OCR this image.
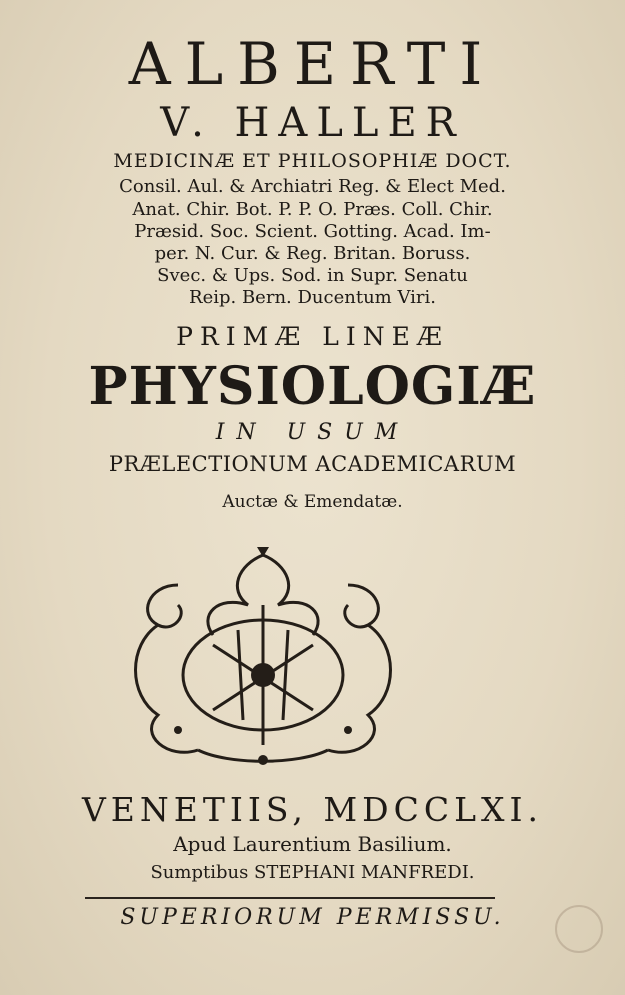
ALBERTI
V. HALLER
MEDICINÆ ET PHILOSOPHIÆ DOCT.
Consil. Aul. & Archiatri Reg. & Elect Med.
Anat. Chir. Bot. P. P. O. Præs. Coll. Chir.
Præsid. Soc. Scient. Gotting. Acad. Im-
per. N. Cur. & Reg. Britan. Boruss.
Svec. & Ups. Sod. in Supr. Senatu
Reip. Bern. Ducentum Viri.
PRIMÆ LINEÆ
PHYSIOLOGIÆ
IN USUM
PRÆLECTIONUM ACADEMICARUM
Auctæ & Emendatæ.
VENETIIS, MDCCLXI.
Apud Laurentium Basilium.
Sumptibus STEPHANI MANFREDI.
SUPERIORUM PERMISSU.
